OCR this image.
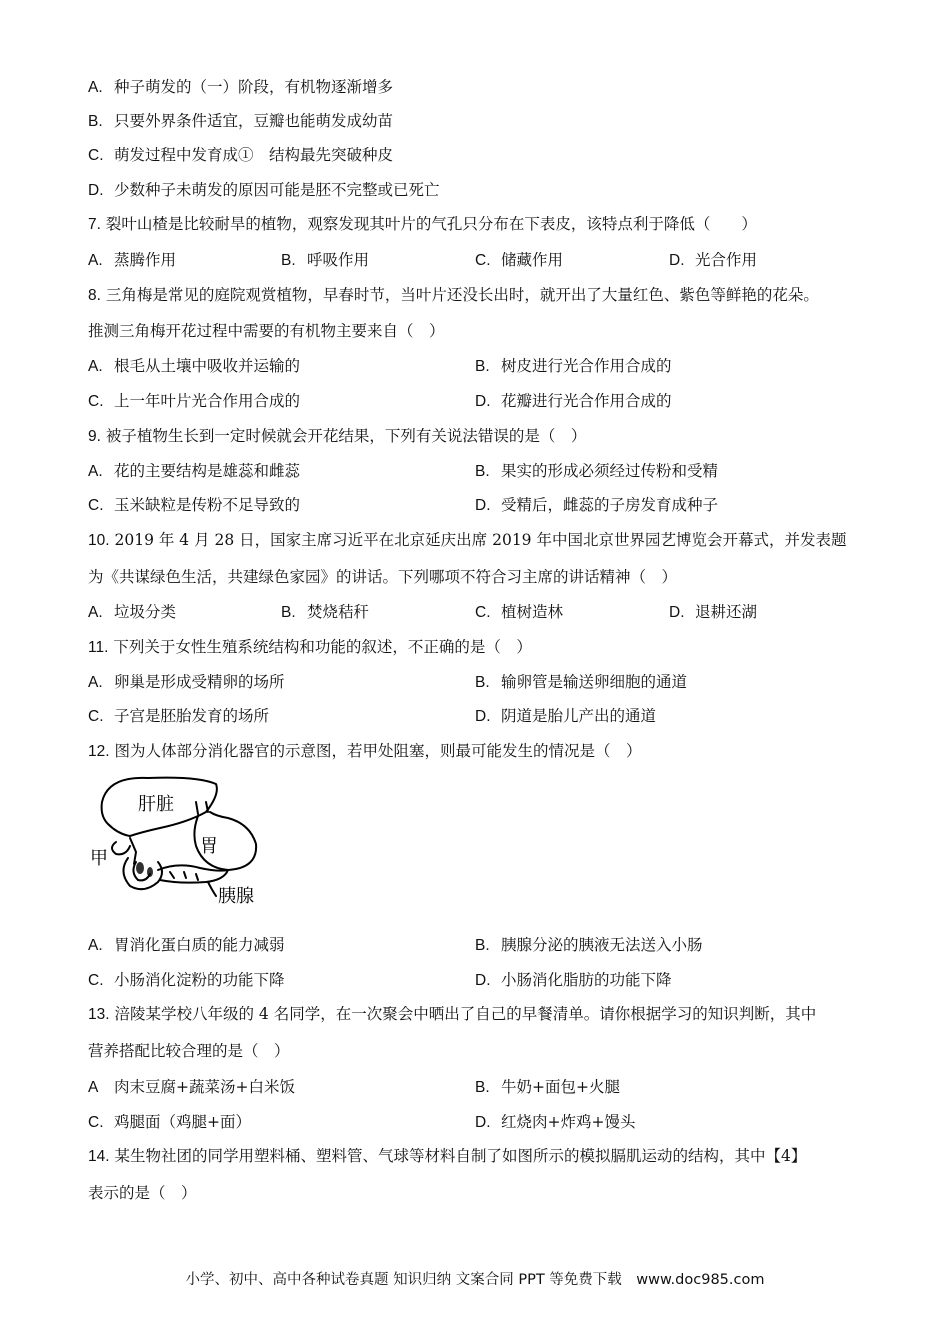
A. 种子萌发的（一）阶段，有机物逐渐增多
B. 只要外界条件适宜，豆瓣也能萌发成幼苗
C. 萌发过程中发育成①　结构最先突破种皮
D. 少数种子未萌发的原因可能是胚不完整或已死亡
7. 裂叶山楂是比较耐旱的植物，观察发现其叶片的气孔只分布在下表皮，该特点利于降低（　　）
A. 蒸腾作用	B. 呼吸作用	C. 储藏作用	D. 光合作用
8. 三角梅是常见的庭院观赏植物，早春时节，当叶片还没长出时，就开出了大量红色、紫色等鲜艳的花朵。
推测三角梅开花过程中需要的有机物主要来自（　）
A. 根毛从土壤中吸收并运输的	B. 树皮进行光合作用合成的
C. 上一年叶片光合作用合成的	D. 花瓣进行光合作用合成的
9. 被子植物生长到一定时候就会开花结果，下列有关说法错误的是（　）
A. 花的主要结构是雄蕊和雌蕊	B. 果实的形成必须经过传粉和受精
C. 玉米缺粒是传粉不足导致的	D. 受精后，雌蕊的子房发育成种子
10. 2019 年 4 月 28 日，国家主席习近平在北京延庆出席 2019 年中国北京世界园艺博览会开幕式，并发表题
为《共谋绿色生活，共建绿色家园》的讲话。下列哪项不符合习主席的讲话精神（　）
A. 垃圾分类	B. 焚烧秸秆	C. 植树造林	D. 退耕还湖
11. 下列关于女性生殖系统结构和功能的叙述，不正确的是（　）
A. 卵巢是形成受精卵的场所	B. 输卵管是输送卵细胞的通道
C. 子宫是胚胎发育的场所	D. 阴道是胎儿产出的通道
12. 图为人体部分消化器官的示意图，若甲处阻塞，则最可能发生的情况是（　）
肝脏
胃
甲
胰腺
A. 胃消化蛋白质的能力减弱	B. 胰腺分泌的胰液无法送入小肠
C. 小肠消化淀粉的功能下降	D. 小肠消化脂肪的功能下降
13. 涪陵某学校八年级的 4 名同学，在一次聚会中晒出了自己的早餐清单。请你根据学习的知识判断，其中
营养搭配比较合理的是（　）
A 肉末豆腐+蔬菜汤+白米饭	B. 牛奶+面包+火腿
C. 鸡腿面（鸡腿+面）	D. 红烧肉+炸鸡+馒头
14. 某生物社团的同学用塑料桶、塑料管、气球等材料自制了如图所示的模拟膈肌运动的结构，其中【4】
表示的是（　）
小学、初中、高中各种试卷真题 知识归纳 文案合同 PPT 等免费下载　www.doc985.com
